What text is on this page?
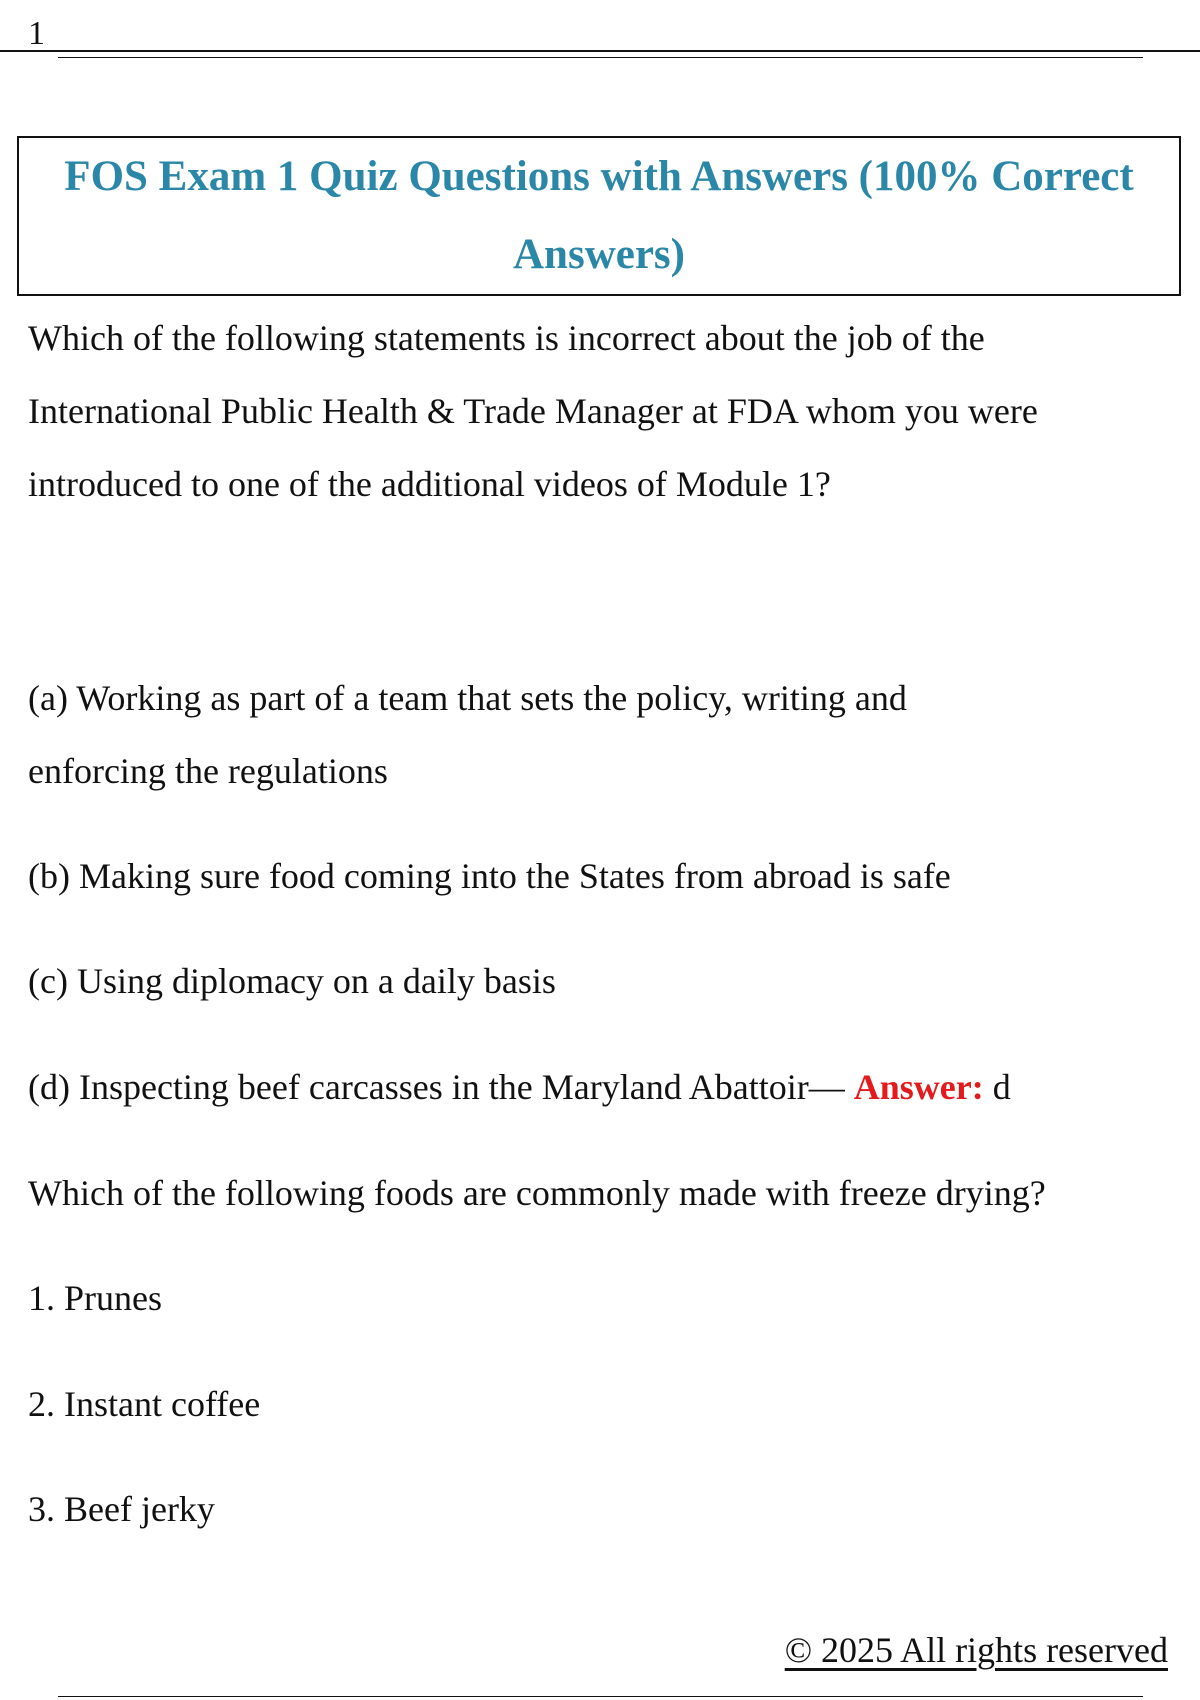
1
FOS Exam 1 Quiz Questions with Answers (100% Correct Answers)
Which of the following statements is incorrect about the job of the
International Public Health & Trade Manager at FDA whom you were
introduced to one of the additional videos of Module 1?
(a) Working as part of a team that sets the policy, writing and
enforcing the regulations
(b) Making sure food coming into the States from abroad is safe
(c) Using diplomacy on a daily basis
(d) Inspecting beef carcasses in the Maryland Abattoir— Answer: d
Which of the following foods are commonly made with freeze drying?
1. Prunes
2. Instant coffee
3. Beef jerky
© 2025 All rights reserved
